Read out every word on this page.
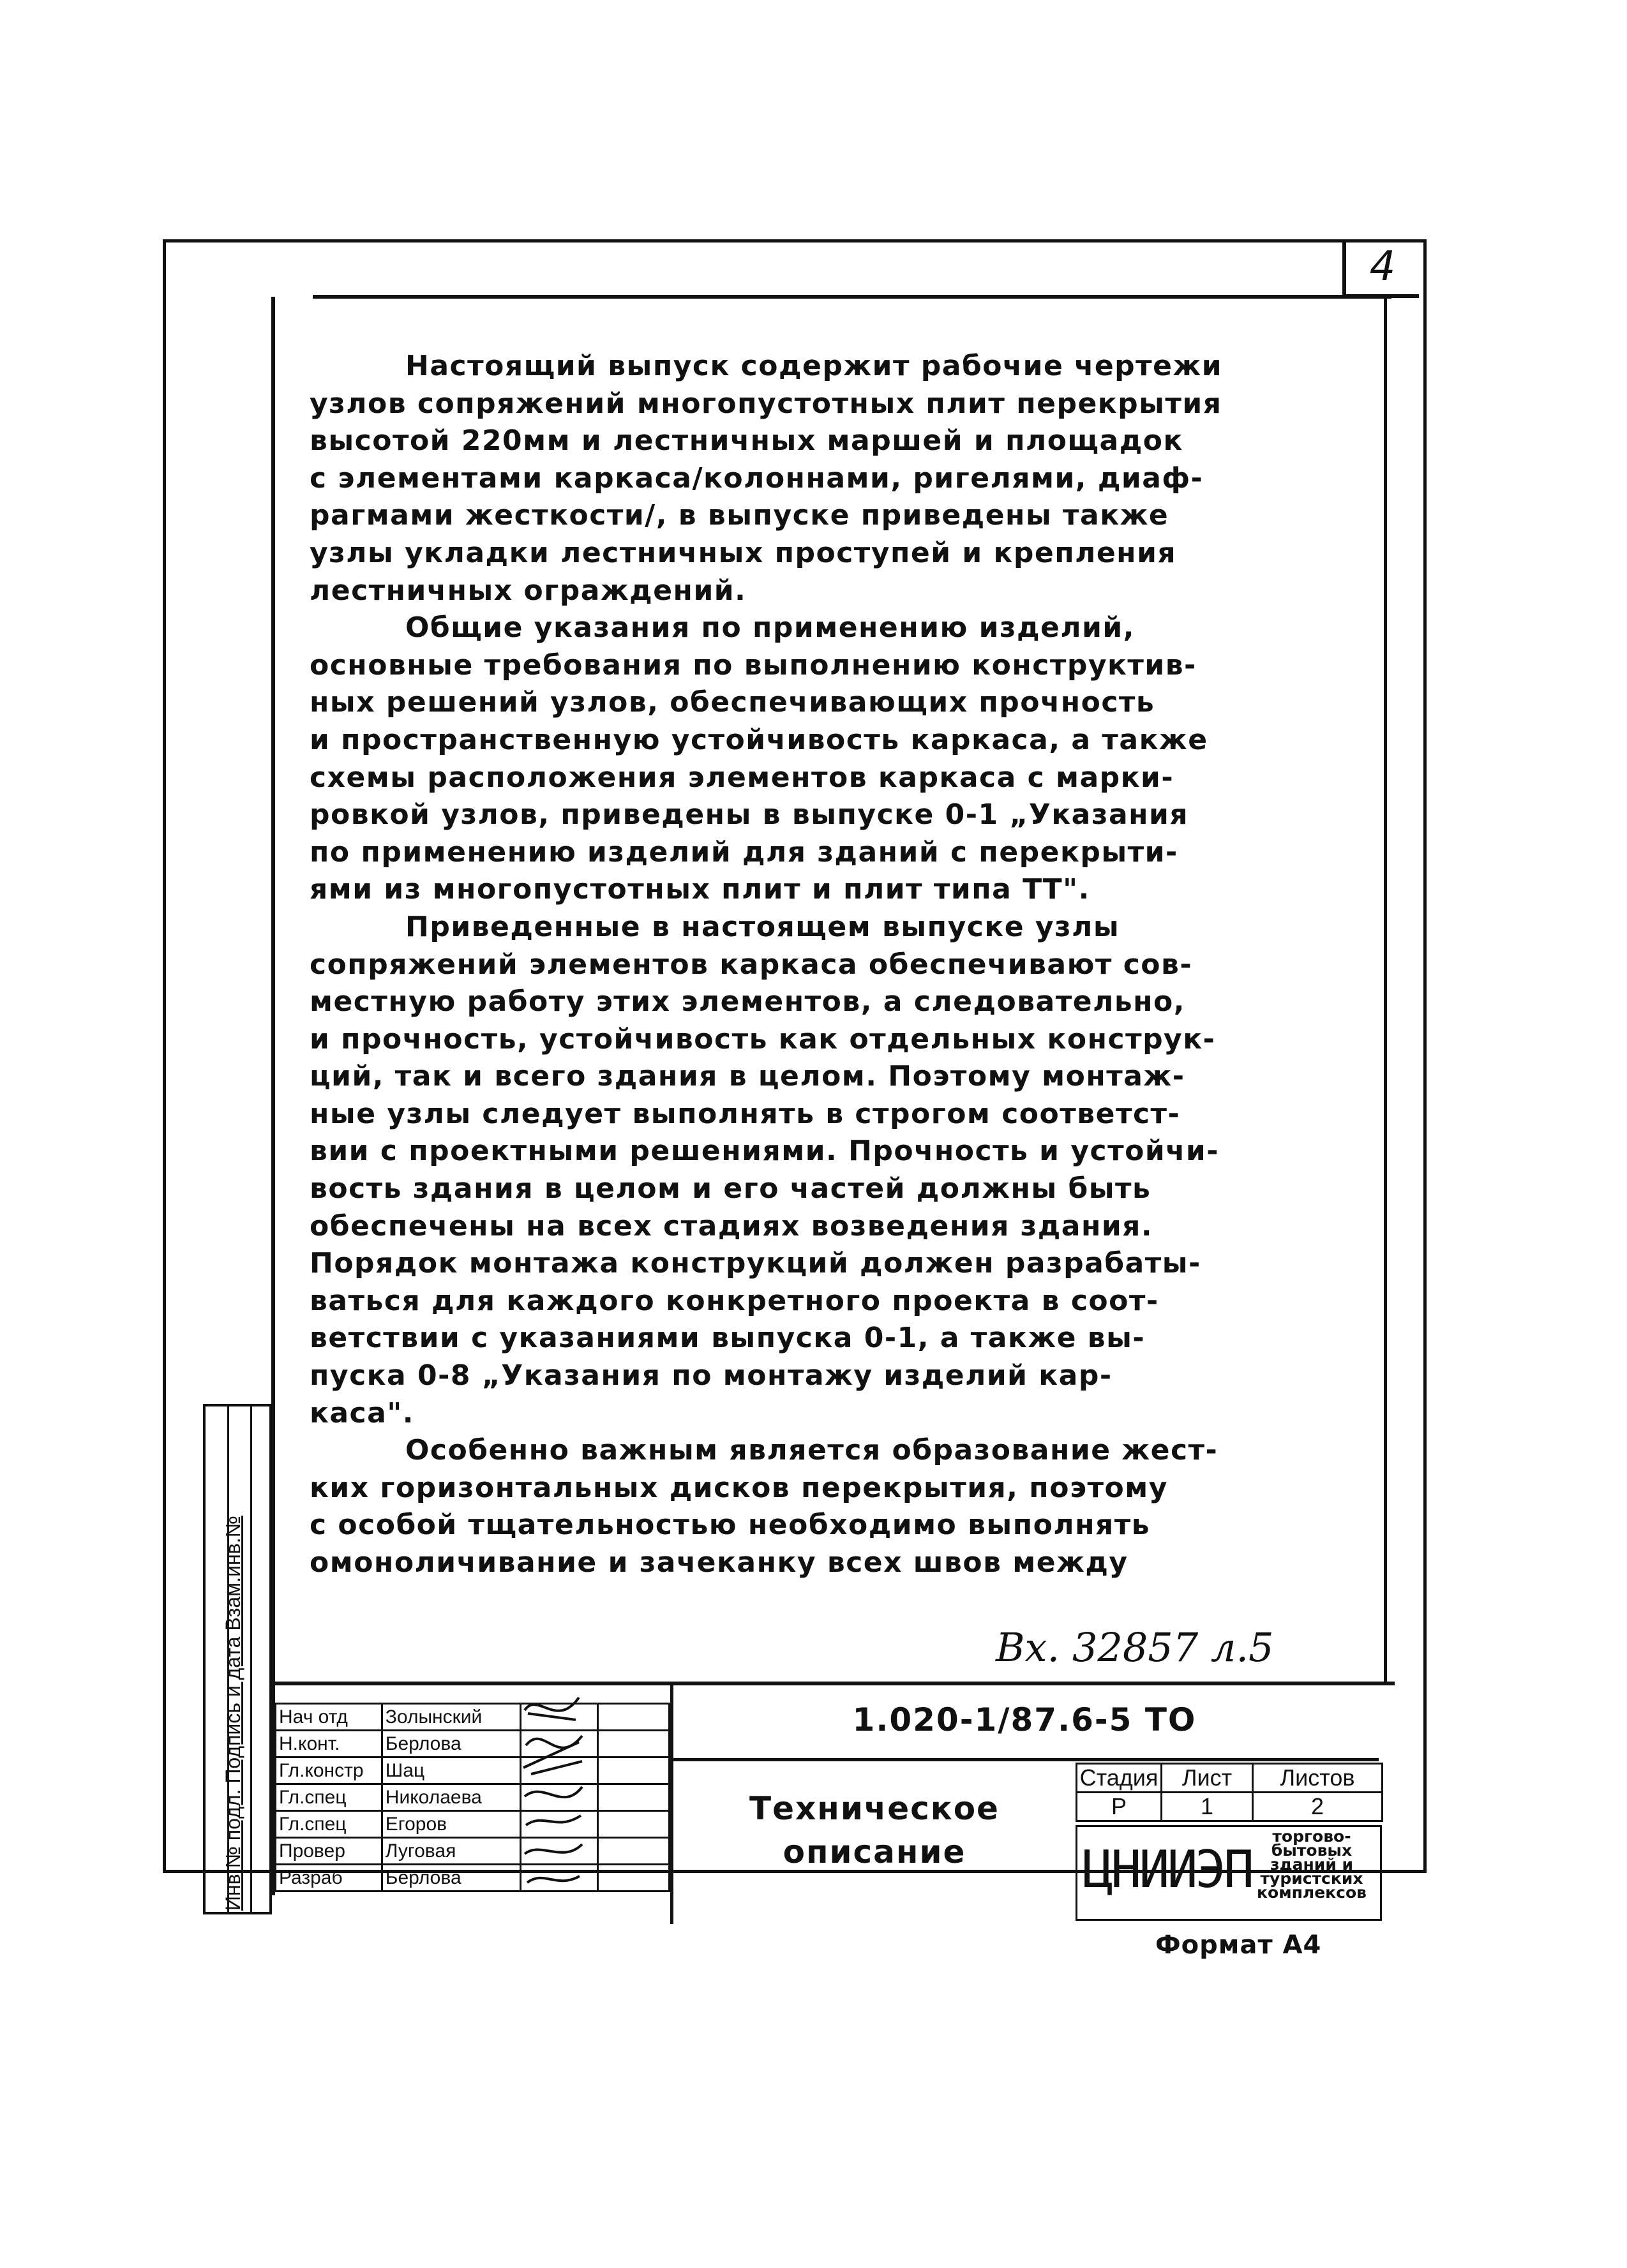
4

Настоящий выпуск содержит рабочие чертежи
узлов сопряжений многопустотных плит перекрытия
высотой 220мм и лестничных маршей и площадок
с элементами каркаса/колоннами, ригелями, диаф-
рагмами жесткости/, в выпуске приведены также
узлы укладки лестничных проступей и крепления
лестничных ограждений.

Общие указания по применению изделий,
основные требования по выполнению конструктив-
ных решений узлов, обеспечивающих прочность
и пространственную устойчивость каркаса, а также
схемы расположения элементов каркаса с марки-
ровкой узлов, приведены в выпуске 0-1 „Указания
по применению изделий для зданий с перекрыти-
ями из многопустотных плит и плит типа ТТ".

Приведенные в настоящем выпуске узлы
сопряжений элементов каркаса обеспечивают сов-
местную работу этих элементов, а следовательно,
и прочность, устойчивость как отдельных конструк-
ций, так и всего здания в целом. Поэтому монтаж-
ные узлы следует выполнять в строгом соответст-
вии с проектными решениями. Прочность и устойчи-
вость здания в целом и его частей должны быть
обеспечены на всех стадиях возведения здания.
Порядок монтажа конструкций должен разрабаты-
ваться для каждого конкретного проекта в соот-
ветствии с указаниями выпуска 0-1, а также вы-
пуска 0-8 „Указания по монтажу изделий кар-
каса".

Особенно важным является образование жест-
ких горизонтальных дисков перекрытия, поэтому
с особой тщательностью необходимо выполнять
омоноличивание и зачеканку всех швов между

Вх. 32857 л.5
Нач отд	Золынский		
Н.конт.	Берлова		
Гл.констр	Шац		
Гл.спец	Николаева		
Гл.спец	Егоров		
Провер	Луговая		
Разраб	Берлова		
1.020-1/87.6-5 ТО
Техническое
описание
Стадия	Лист	Листов
Р	1	2
ЦНИИЭП
торгово-бытовых зданий и туристских комплексов
Формат А4
Инв № подл. Подпись и дата Взам.инв.№
